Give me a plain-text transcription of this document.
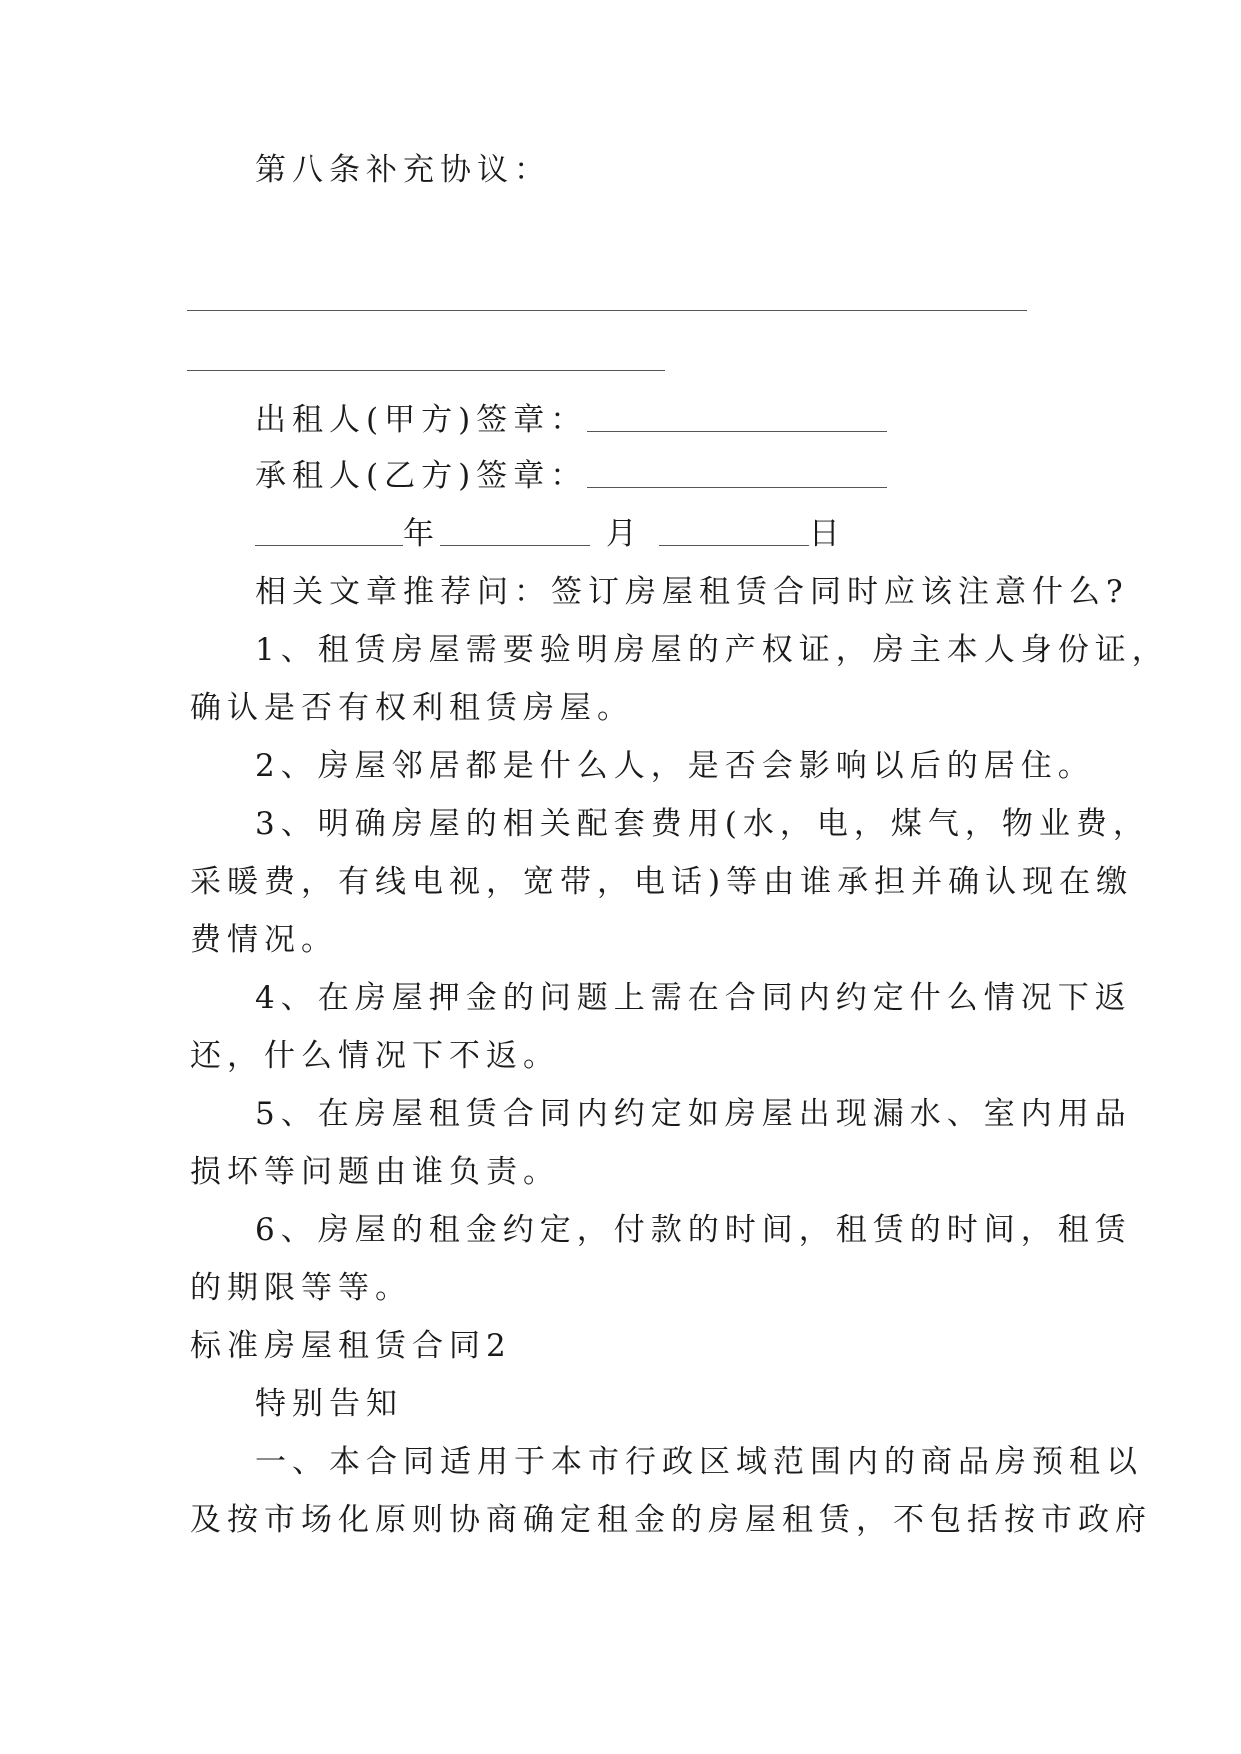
第八条补充协议：
出租人(甲方)签章：
承租人(乙方)签章：
年	月	日
相关文章推荐问：签订房屋租赁合同时应该注意什么?
1、租赁房屋需要验明房屋的产权证，房主本人身份证，
确认是否有权利租赁房屋。
2、房屋邻居都是什么人，是否会影响以后的居住。
3、明确房屋的相关配套费用(水，电，煤气，物业费，
采暖费，有线电视，宽带，电话)等由谁承担并确认现在缴
费情况。
4、在房屋押金的问题上需在合同内约定什么情况下返
还，什么情况下不返。
5、在房屋租赁合同内约定如房屋出现漏水、室内用品
损坏等问题由谁负责。
6、房屋的租金约定，付款的时间，租赁的时间，租赁
的期限等等。
标准房屋租赁合同2
特别告知
一、本合同适用于本市行政区域范围内的商品房预租以
及按市场化原则协商确定租金的房屋租赁，不包括按市政府
